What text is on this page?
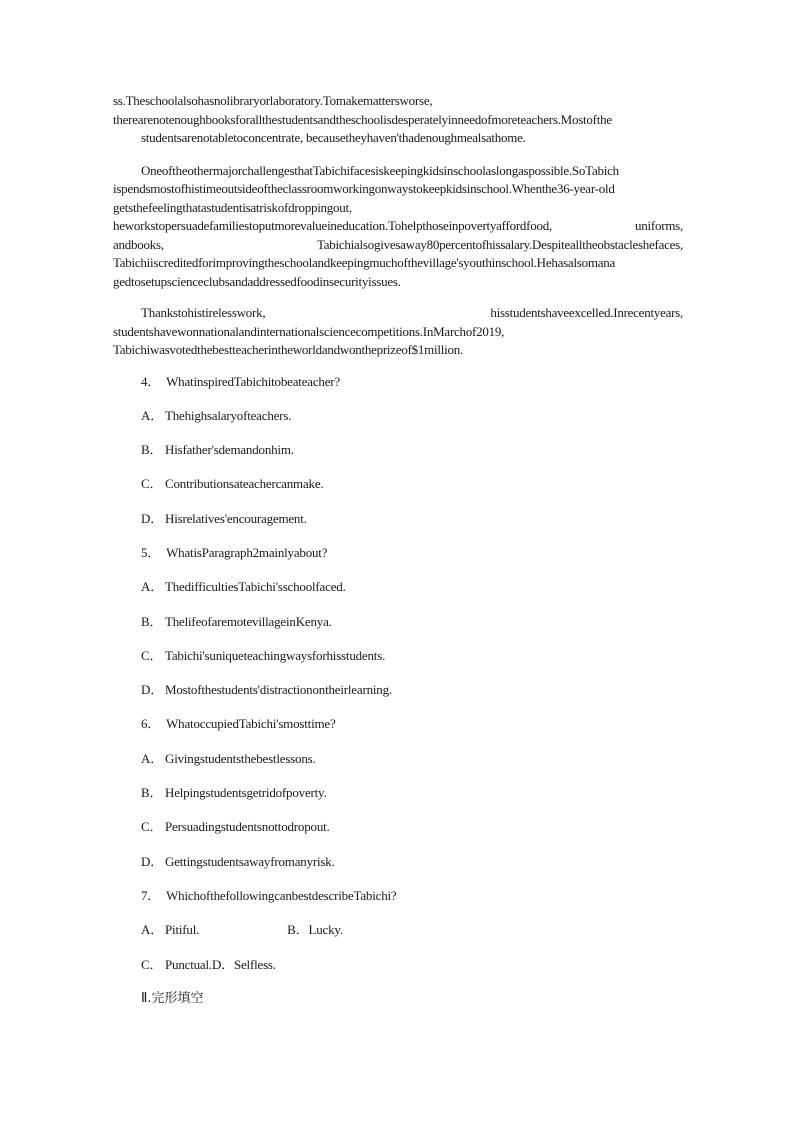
ss.Theschoolalsohasnolibraryorlaboratory.Tomakemattersworse,
therearenotenoughbooksforallthestudentsandtheschoolisdesperatelyinneedofmoreteachers.Mostofthe
studentsarenotabletoconcentrate, becausetheyhaven'thadenoughmealsathome.
OneoftheothermajorchallengesthatTabichifacesiskeepingkidsinschoolaslongaspossible.SoTabich
ispendsmostofhistimeoutsideoftheclassroomworkingonwaystokeepkidsinschool.Whenthe36-year-old
getsthefeelingthatastudentisatriskofdroppingout,
heworkstopersuadefamiliestoputmorevalueineducation.Tohelpthoseinpovertyaffordfood,	uniforms,
andbooks,	Tabichialsogivesaway80percentofhissalary.Despitealltheobstacleshefaces,
Tabichiiscreditedforimprovingtheschoolandkeepingmuchofthevillage'syouthinschool.Hehasalsomana
gedtosetupscienceclubsandaddressedfoodinsecurityissues.
Thankstohistirelesswork,	hisstudentshaveexcelled.Inrecentyears,
studentshavewonnationalandinternationalsciencecompetitions.InMarchof2019,
Tabichiwasvotedthebestteacherintheworldandwontheprizeof$1million.
4． WhatinspiredTabichitobeateacher?
A． Thehighsalaryofteachers.
B． Hisfather'sdemandonhim.
C． Contributionsateachercanmake.
D． Hisrelatives'encouragement.
5． WhatisParagraph2mainlyabout?
A． ThedifficultiesTabichi'sschoolfaced.
B． ThelifeofaremotevillageinKenya.
C． Tabichi'suniqueteachingwaysforhisstudents.
D． Mostofthestudents'distractionontheirlearning.
6． WhatoccupiedTabichi'smosttime?
A． Givingstudentsthebestlessons.
B． Helpingstudentsgetridofpoverty.
C． Persuadingstudentsnottodropout.
D． Gettingstudentsawayfromanyrisk.
7． WhichofthefollowingcanbestdescribeTabichi?
A． Pitiful.	B．Lucky.
C． Punctual.D．Selfless.
Ⅱ.完形填空
